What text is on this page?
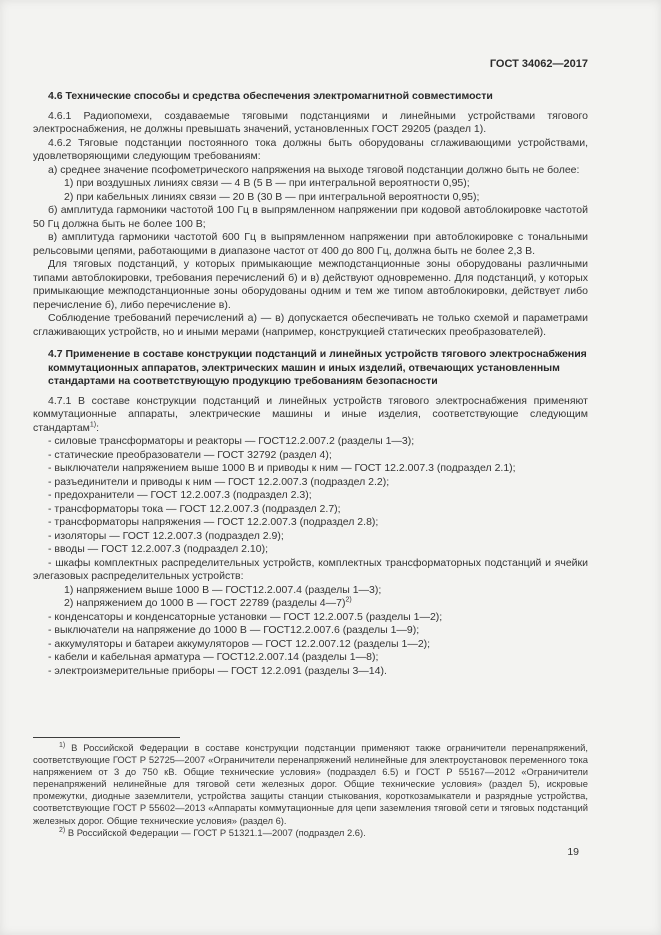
ГОСТ 34062—2017
4.6 Технические способы и средства обеспечения электромагнитной совместимости

4.6.1 Радиопомехи, создаваемые тяговыми подстанциями и линейными устройствами тягового электроснабжения, не должны превышать значений, установленных ГОСТ 29205 (раздел 1).

4.6.2 Тяговые подстанции постоянного тока должны быть оборудованы сглаживающими устройствами, удовлетворяющими следующим требованиям:

а) среднее значение псофометрического напряжения на выходе тяговой подстанции должно быть не более:

1) при воздушных линиях связи — 4 В (5 В — при интегральной вероятности 0,95);

2) при кабельных линиях связи — 20 В (30 В — при интегральной вероятности 0,95);

б) амплитуда гармоники частотой 100 Гц в выпрямленном напряжении при кодовой автоблокировке частотой 50 Гц должна быть не более 100 В;

в) амплитуда гармоники частотой 600 Гц в выпрямленном напряжении при автоблокировке с тональными рельсовыми цепями, работающими в диапазоне частот от 400 до 800 Гц, должна быть не более 2,3 В.

Для тяговых подстанций, у которых примыкающие межподстанционные зоны оборудованы различными типами автоблокировки, требования перечислений б) и в) действуют одновременно. Для подстанций, у которых примыкающие межподстанционные зоны оборудованы одним и тем же типом автоблокировки, действует либо перечисление б), либо перечисление в).

Соблюдение требований перечислений а) — в) допускается обеспечивать не только схемой и параметрами сглаживающих устройств, но и иными мерами (например, конструкцией статических преобразователей).

4.7 Применение в составе конструкции подстанций и линейных устройств тягового электроснабжения коммутационных аппаратов, электрических машин и иных изделий, отвечающих установленным стандартами на соответствующую продукцию требованиям безопасности

4.7.1 В составе конструкции подстанций и линейных устройств тягового электроснабжения применяют коммутационные аппараты, электрические машины и иные изделия, соответствующие следующим стандартам$^{1)}$:

- силовые трансформаторы и реакторы — ГОСТ12.2.007.2 (разделы 1—3);

- статические преобразователи — ГОСТ 32792 (раздел 4);

- выключатели напряжением выше 1000 В и приводы к ним — ГОСТ 12.2.007.3 (подраздел 2.1);

- разъединители и приводы к ним — ГОСТ 12.2.007.3 (подраздел 2.2);

- предохранители — ГОСТ 12.2.007.3 (подраздел 2.3);

- трансформаторы тока — ГОСТ 12.2.007.3 (подраздел 2.7);

- трансформаторы напряжения — ГОСТ 12.2.007.3 (подраздел 2.8);

- изоляторы — ГОСТ 12.2.007.3 (подраздел 2.9);

- вводы — ГОСТ 12.2.007.3 (подраздел 2.10);

- шкафы комплектных распределительных устройств, комплектных трансформаторных подстанций и ячейки элегазовых распределительных устройств:

1) напряжением выше 1000 В — ГОСТ12.2.007.4 (разделы 1—3);

2) напряжением до 1000 В — ГОСТ 22789 (разделы 4—7)$^{2)}$

- конденсаторы и конденсаторные установки — ГОСТ 12.2.007.5 (разделы 1—2);

- выключатели на напряжение до 1000 В — ГОСТ12.2.007.6 (разделы 1—9);

- аккумуляторы и батареи аккумуляторов — ГОСТ 12.2.007.12 (разделы 1—2);

- кабели и кабельная арматура — ГОСТ12.2.007.14 (разделы 1—8);

- электроизмерительные приборы — ГОСТ 12.2.091 (разделы 3—14).

$^{1)}$ В Российской Федерации в составе конструкции подстанции применяют также ограничители перенапряжений, соответствующие ГОСТ Р 52725—2007 «Ограничители перенапряжений нелинейные для электроустановок переменного тока напряжением от 3 до 750 кВ. Общие технические условия» (подраздел 6.5) и ГОСТ Р 55167—2012 «Ограничители перенапряжений нелинейные для тяговой сети железных дорог. Общие технические условия» (раздел 5), искровые промежутки, диодные заземлители, устройства защиты станции стыкования, короткозамыкатели и разрядные устройства, соответствующие ГОСТ Р 55602—2013 «Аппараты коммутационные для цепи заземления тяговой сети и тяговых подстанций железных дорог. Общие технические условия» (раздел 6).

$^{2)}$ В Российской Федерации — ГОСТ Р 51321.1—2007 (подраздел 2.6).

19
